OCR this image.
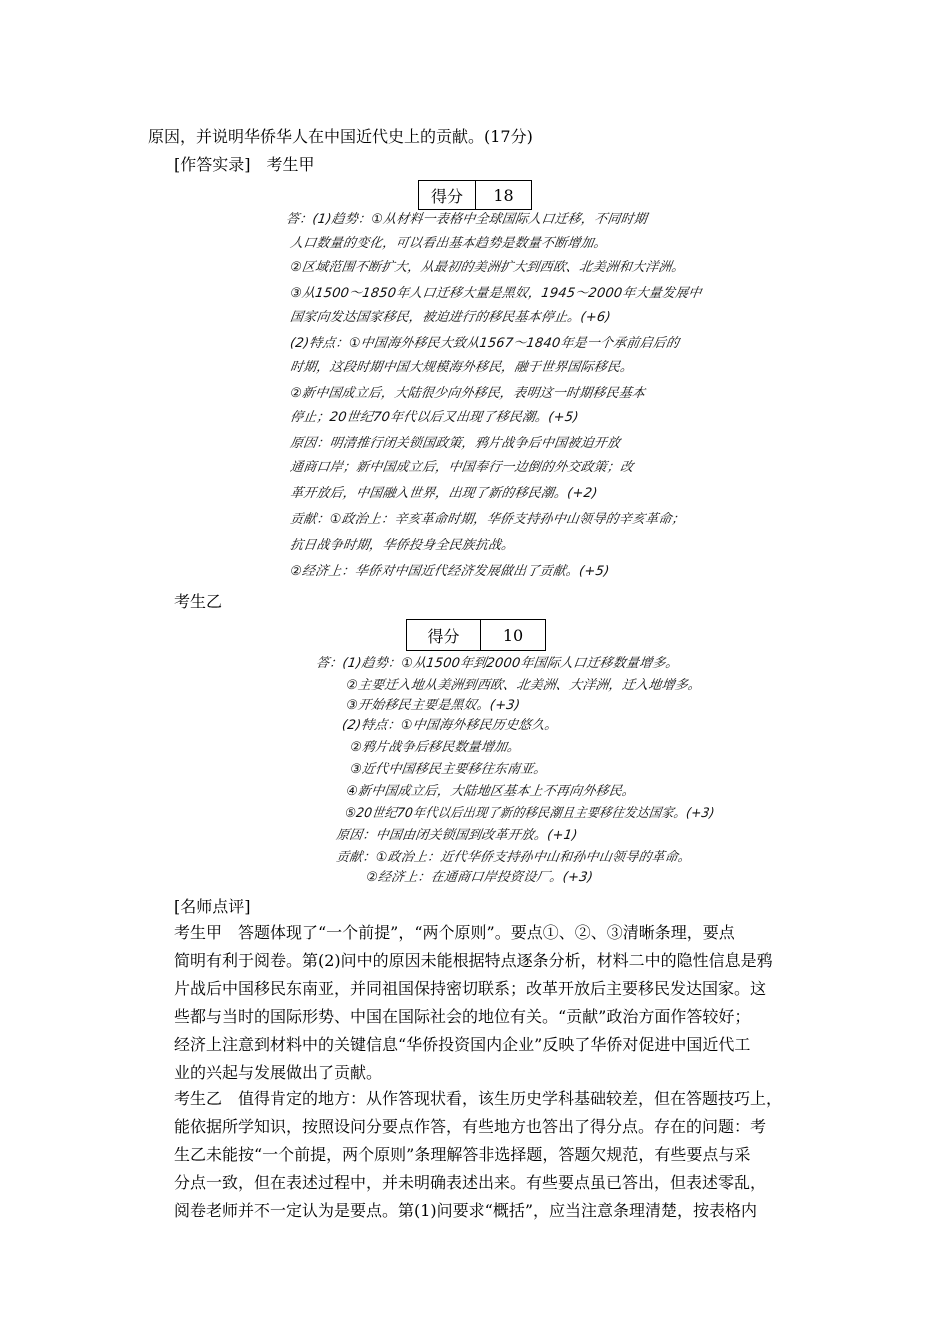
原因，并说明华侨华人在中国近代史上的贡献。(17分)
[作答实录]　考生甲
得分	18
答：(1)趋势：①从材料一表格中全球国际人口迁移，不同时期
人口数量的变化，可以看出基本趋势是数量不断增加。
②区域范围不断扩大，从最初的美洲扩大到西欧、北美洲和大洋洲。
③从1500～1850年人口迁移大量是黑奴，1945～2000年大量发展中
国家向发达国家移民，被迫进行的移民基本停止。(+6)
(2)特点：①中国海外移民大致从1567～1840年是一个承前启后的
时期，这段时期中国大规模海外移民，融于世界国际移民。
②新中国成立后，大陆很少向外移民，表明这一时期移民基本
停止；20世纪70年代以后又出现了移民潮。(+5)
原因：明清推行闭关锁国政策，鸦片战争后中国被迫开放
通商口岸；新中国成立后，中国奉行一边倒的外交政策；改
革开放后，中国融入世界，出现了新的移民潮。(+2)
贡献：①政治上：辛亥革命时期，华侨支持孙中山领导的辛亥革命；
抗日战争时期，华侨投身全民族抗战。
②经济上：华侨对中国近代经济发展做出了贡献。(+5)
考生乙
得分	10
答：(1)趋势：①从1500年到2000年国际人口迁移数量增多。
②主要迁入地从美洲到西欧、北美洲、大洋洲，迁入地增多。
③开始移民主要是黑奴。(+3)
(2)特点：①中国海外移民历史悠久。
②鸦片战争后移民数量增加。
③近代中国移民主要移往东南亚。
④新中国成立后，大陆地区基本上不再向外移民。
⑤20世纪70年代以后出现了新的移民潮且主要移往发达国家。(+3)
原因：中国由闭关锁国到改革开放。(+1)
贡献：①政治上：近代华侨支持孙中山和孙中山领导的革命。
②经济上：在通商口岸投资设厂。(+3)
[名师点评]
考生甲　答题体现了“一个前提”，“两个原则”。要点①、②、③清晰条理，要点
简明有利于阅卷。第(2)问中的原因未能根据特点逐条分析，材料二中的隐性信息是鸦
片战后中国移民东南亚，并同祖国保持密切联系；改革开放后主要移民发达国家。这
些都与当时的国际形势、中国在国际社会的地位有关。“贡献”政治方面作答较好；
经济上注意到材料中的关键信息“华侨投资国内企业”反映了华侨对促进中国近代工
业的兴起与发展做出了贡献。
考生乙　值得肯定的地方：从作答现状看，该生历史学科基础较差，但在答题技巧上，
能依据所学知识，按照设问分要点作答，有些地方也答出了得分点。存在的问题：考
生乙未能按“一个前提，两个原则”条理解答非选择题，答题欠规范，有些要点与采
分点一致，但在表述过程中，并未明确表述出来。有些要点虽已答出，但表述零乱，
阅卷老师并不一定认为是要点。第(1)问要求“概括”，应当注意条理清楚，按表格内
